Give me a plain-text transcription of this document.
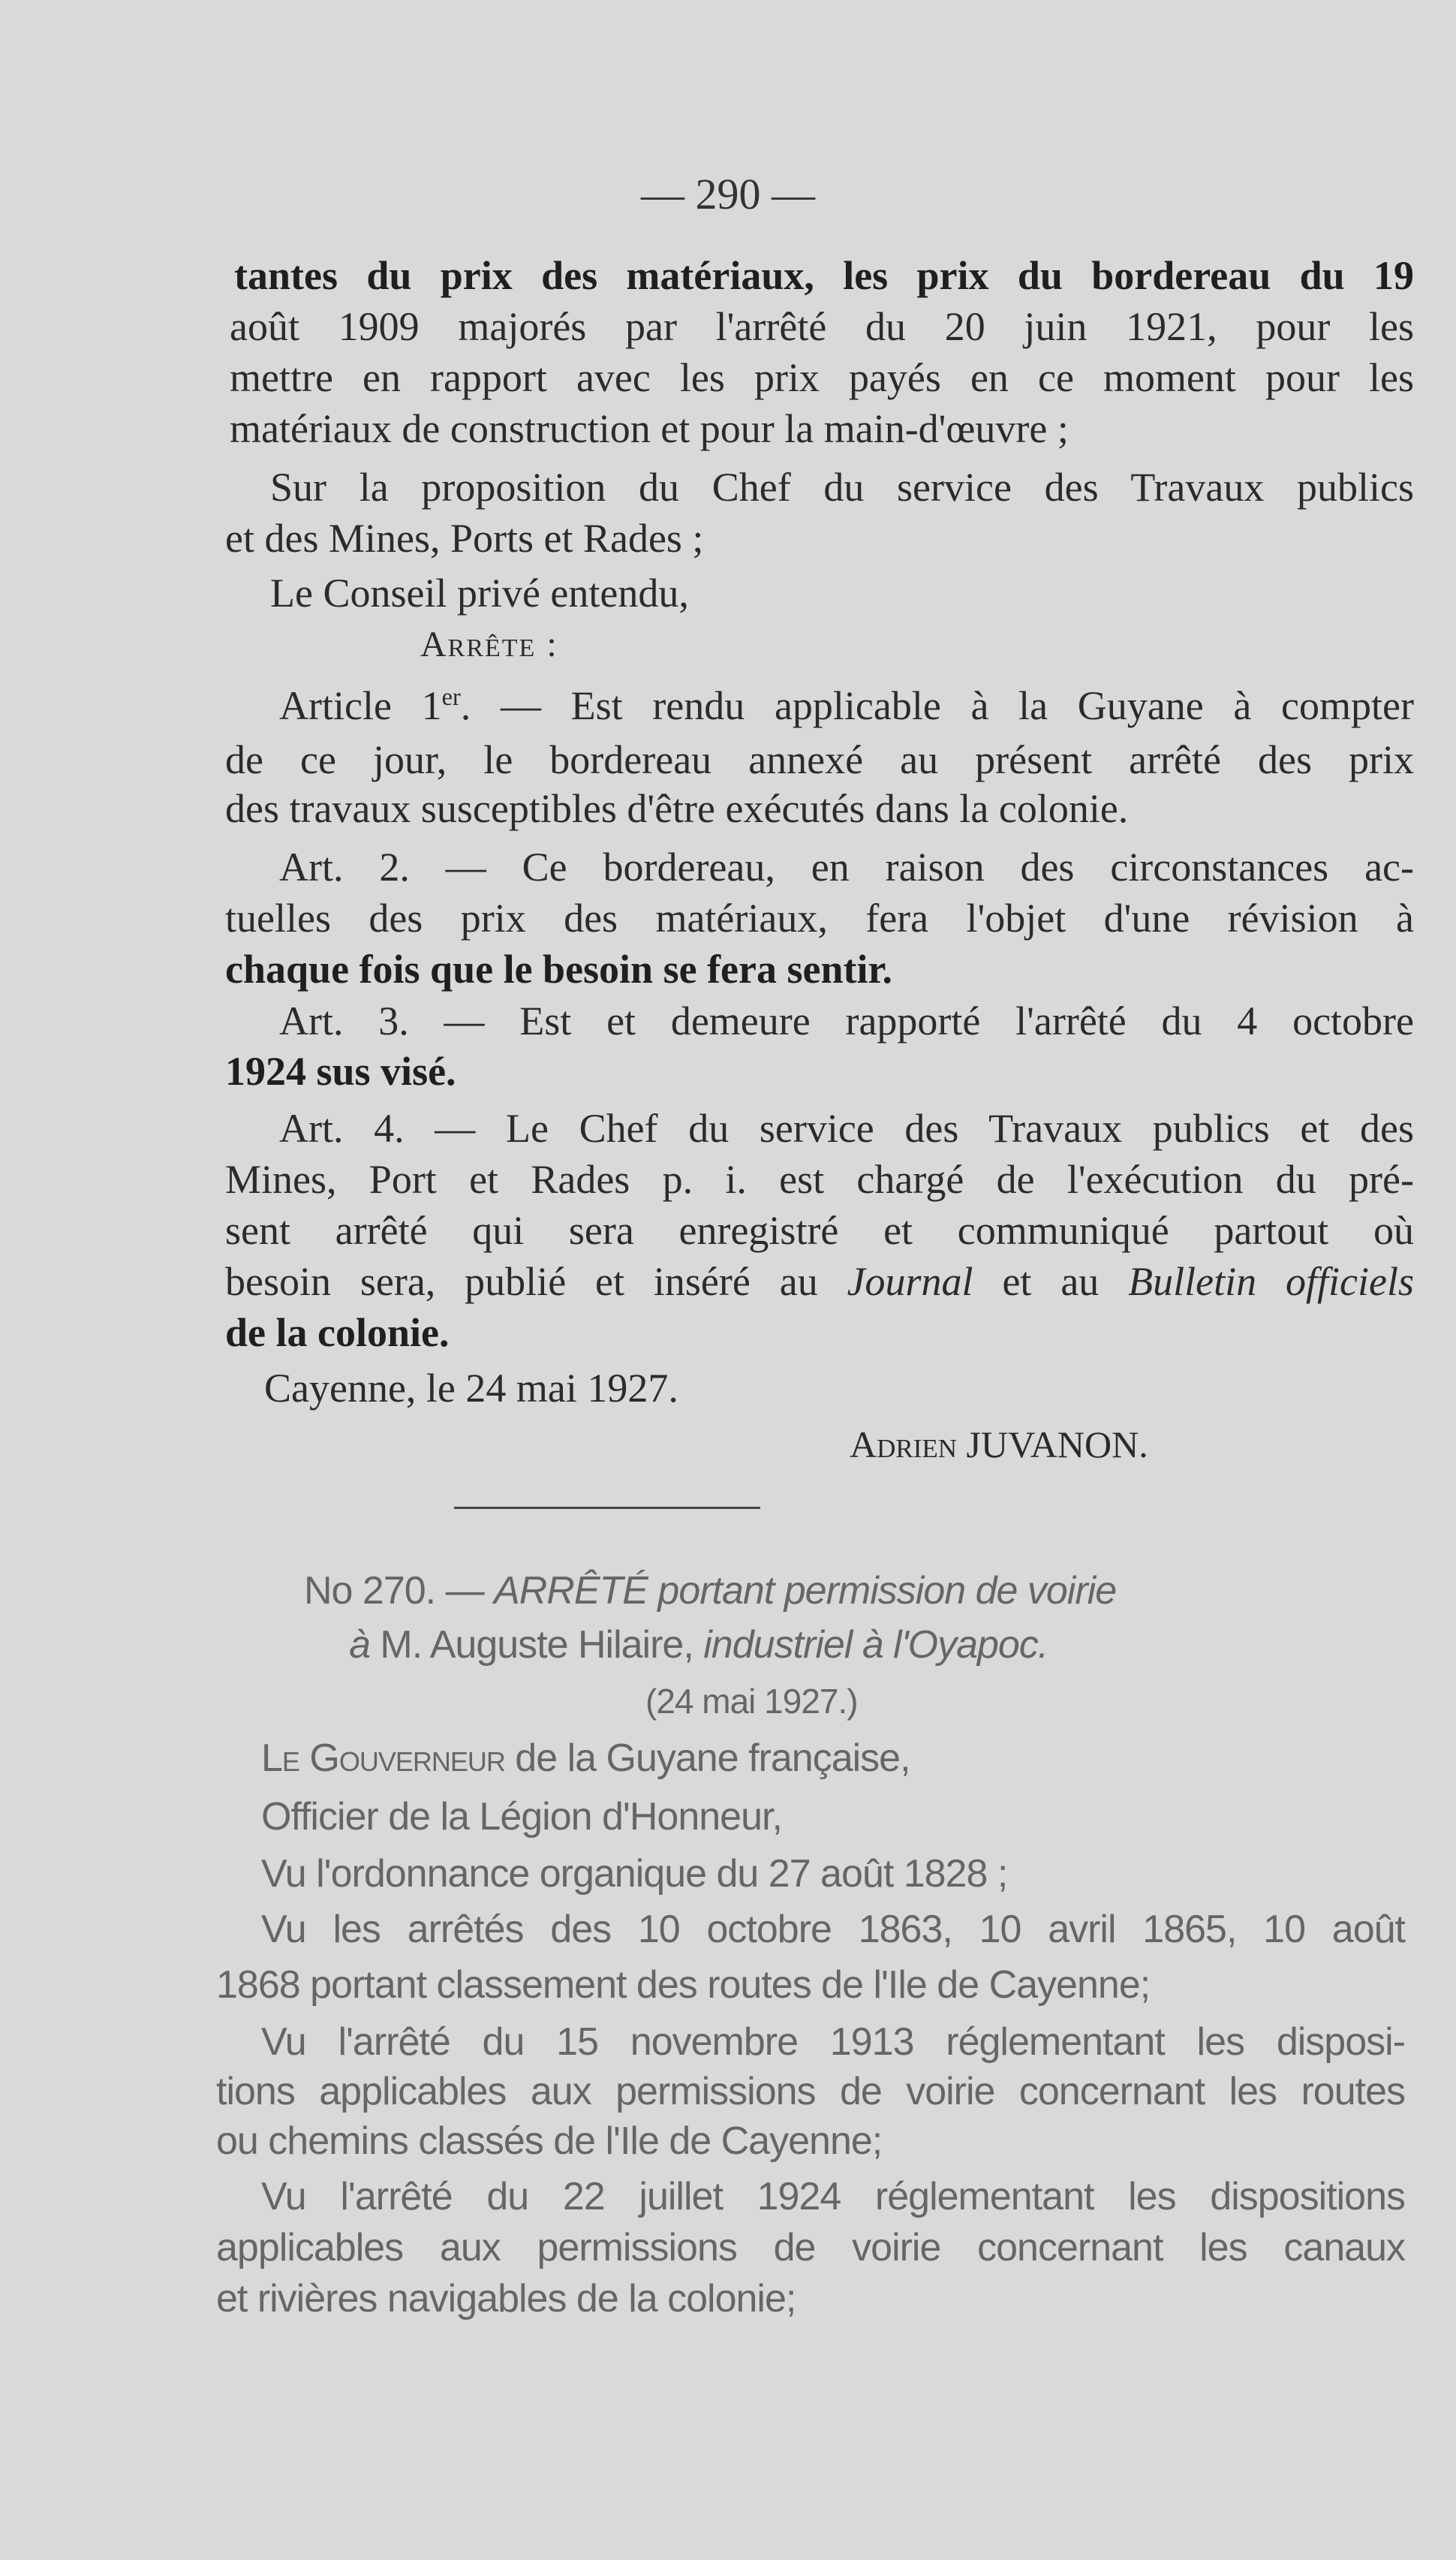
— 290 —
tantes du prix des matériaux, les prix du bordereau du 19
août 1909 majorés par l'arrêté du 20 juin 1921, pour les
mettre en rapport avec les prix payés en ce moment pour les
matériaux de construction et pour la main-d'œuvre ;
Sur la proposition du Chef du service des Travaux publics
et des Mines, Ports et Rades ;
Le Conseil privé entendu,
Arrête :
Article 1er. — Est rendu applicable à la Guyane à compter
de ce jour, le bordereau annexé au présent arrêté des prix
des travaux susceptibles d'être exécutés dans la colonie.
Art. 2. — Ce bordereau, en raison des circonstances ac-
tuelles des prix des matériaux, fera l'objet d'une révision à
chaque fois que le besoin se fera sentir.
Art. 3. — Est et demeure rapporté l'arrêté du 4 octobre
1924 sus visé.
Art. 4. — Le Chef du service des Travaux publics et des
Mines, Port et Rades p. i. est chargé de l'exécution du pré-
sent arrêté qui sera enregistré et communiqué partout où
besoin sera, publié et inséré au Journal et au Bulletin officiels
de la colonie.
Cayenne, le 24 mai 1927.
Adrien JUVANON.
No 270. — ARRÊTÉ portant permission de voirie
à M. Auguste Hilaire, industriel à l'Oyapoc.
(24 mai 1927.)
Le Gouverneur de la Guyane française,
Officier de la Légion d'Honneur,
Vu l'ordonnance organique du 27 août 1828 ;
Vu les arrêtés des 10 octobre 1863, 10 avril 1865, 10 août
1868 portant classement des routes de l'Ile de Cayenne;
Vu l'arrêté du 15 novembre 1913 réglementant les disposi-
tions applicables aux permissions de voirie concernant les routes
ou chemins classés de l'Ile de Cayenne;
Vu l'arrêté du 22 juillet 1924 réglementant les dispositions
applicables aux permissions de voirie concernant les canaux
et rivières navigables de la colonie;
